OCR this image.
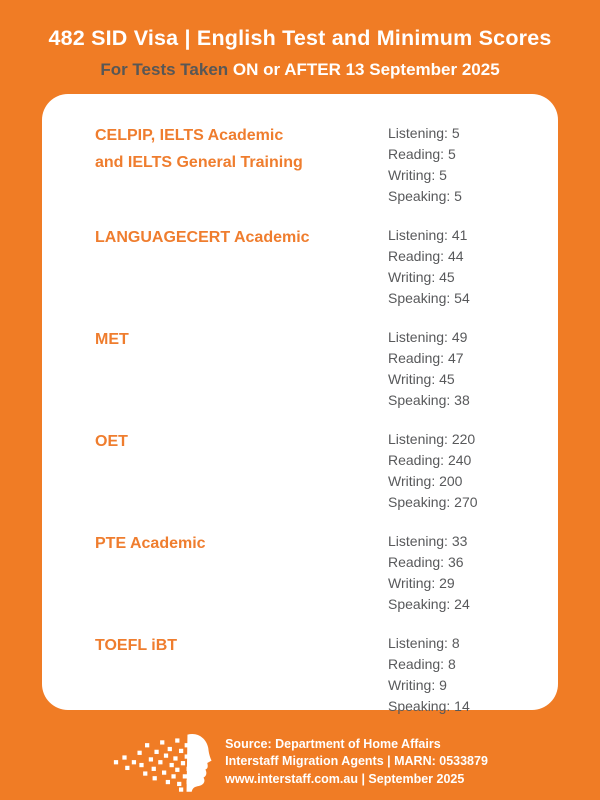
482 SID Visa | English Test and Minimum Scores
For Tests Taken ON or AFTER 13 September 2025
CELPIP, IELTS Academic
and IELTS General Training
Listening : 5
Reading : 5
Writing : 5
Speaking : 5
LANGUAGECERT Academic	Listening : 41
Reading : 44
Writing : 45
Speaking : 54
MET	Listening : 49
Reading : 47
Writing : 45
Speaking : 38
OET	Listening : 220
Reading : 240
Writing : 200
Speaking : 270
PTE Academic	Listening : 33
Reading : 36
Writing : 29
Speaking : 24
TOEFL iBT	Listening : 8
Reading : 8
Writing : 9
Speaking : 14
Source: Department of Home Affairs
Interstaff Migration Agents | MARN: 0533879
www.interstaff.com.au | September 2025
